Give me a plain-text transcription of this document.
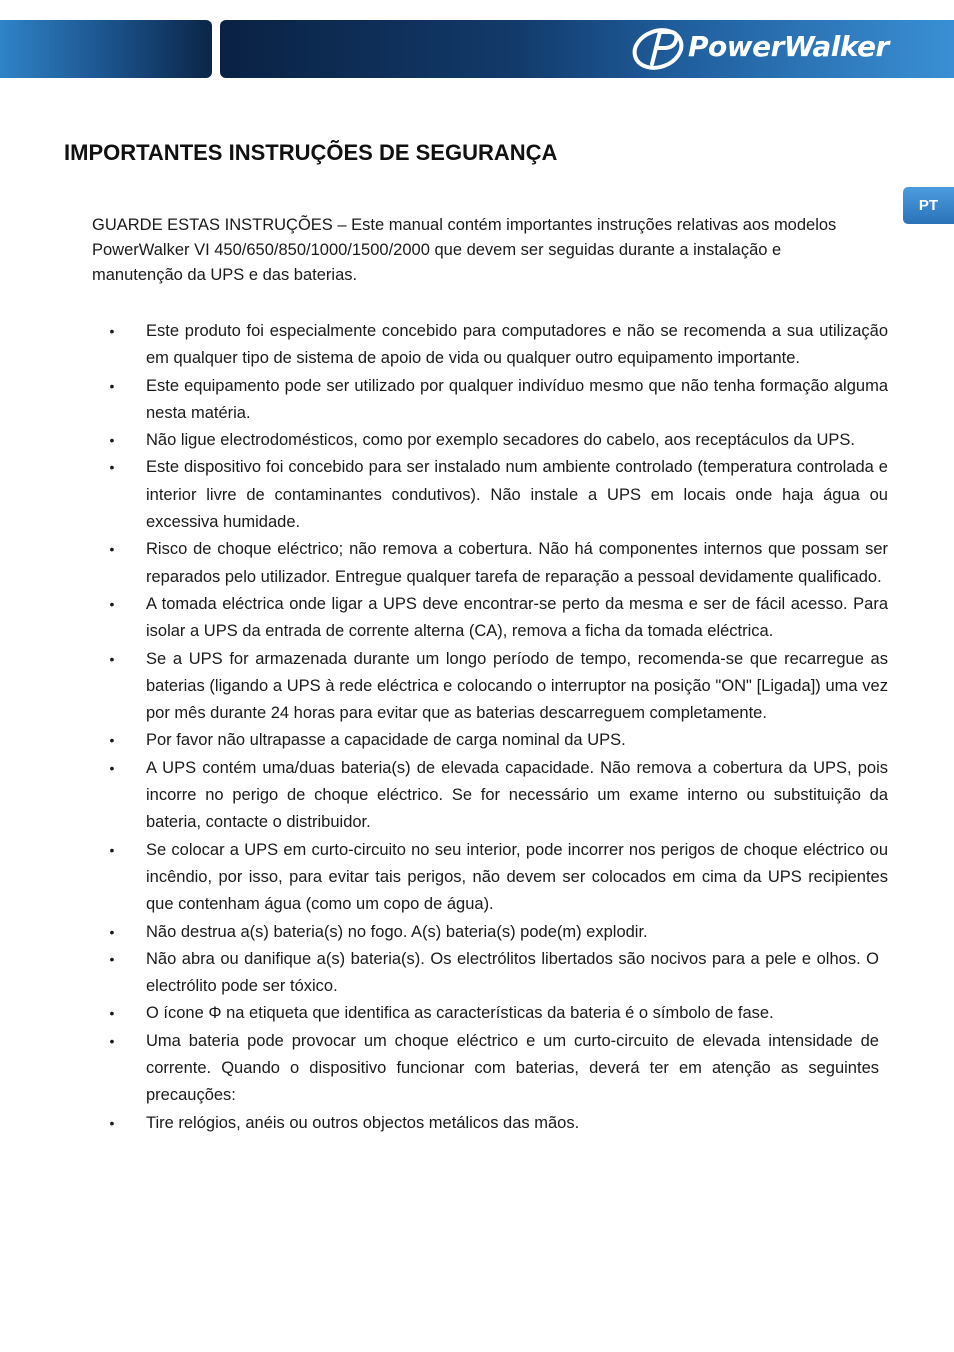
PowerWalker
PT
IMPORTANTES INSTRUÇÕES DE SEGURANÇA

GUARDE ESTAS INSTRUÇÕES – Este manual contém importantes instruções relativas aos modelos PowerWalker VI 450/650/850/1000/1500/2000 que devem ser seguidas durante a instalação e manutenção da UPS e das baterias.

• Este produto foi especialmente concebido para computadores e não se recomenda a sua utilização em qualquer tipo de sistema de apoio de vida ou qualquer outro equipamento importante.
• Este equipamento pode ser utilizado por qualquer indivíduo mesmo que não tenha formação alguma nesta matéria.
• Não ligue electrodomésticos, como por exemplo secadores do cabelo, aos receptáculos da UPS.
• Este dispositivo foi concebido para ser instalado num ambiente controlado (temperatura controlada e interior livre de contaminantes condutivos). Não instale a UPS em locais onde haja água ou excessiva humidade.
• Risco de choque eléctrico; não remova a cobertura. Não há componentes internos que possam ser reparados pelo utilizador. Entregue qualquer tarefa de reparação a pessoal devidamente qualificado.
• A tomada eléctrica onde ligar a UPS deve encontrar-se perto da mesma e ser de fácil acesso. Para isolar a UPS da entrada de corrente alterna (CA), remova a ficha da tomada eléctrica.
• Se a UPS for armazenada durante um longo período de tempo, recomenda-se que recarregue as baterias (ligando a UPS à rede eléctrica e colocando o interruptor na posição "ON" [Ligada]) uma vez por mês durante 24 horas para evitar que as baterias descarreguem completamente.
• Por favor não ultrapasse a capacidade de carga nominal da UPS.
• A UPS contém uma/duas bateria(s) de elevada capacidade. Não remova a cobertura da UPS, pois incorre no perigo de choque eléctrico. Se for necessário um exame interno ou substituição da bateria, contacte o distribuidor.
• Se colocar a UPS em curto-circuito no seu interior, pode incorrer nos perigos de choque eléctrico ou incêndio, por isso, para evitar tais perigos, não devem ser colocados em cima da UPS recipientes que contenham água (como um copo de água).
• Não destrua a(s) bateria(s) no fogo. A(s) bateria(s) pode(m) explodir.
• Não abra ou danifique a(s) bateria(s). Os electrólitos libertados são nocivos para a pele e olhos. O electrólito pode ser tóxico.
• O ícone Φ na etiqueta que identifica as características da bateria é o símbolo de fase.
• Uma bateria pode provocar um choque eléctrico e um curto-circuito de elevada intensidade de corrente. Quando o dispositivo funcionar com baterias, deverá ter em atenção as seguintes precauções:
• Tire relógios, anéis ou outros objectos metálicos das mãos.
